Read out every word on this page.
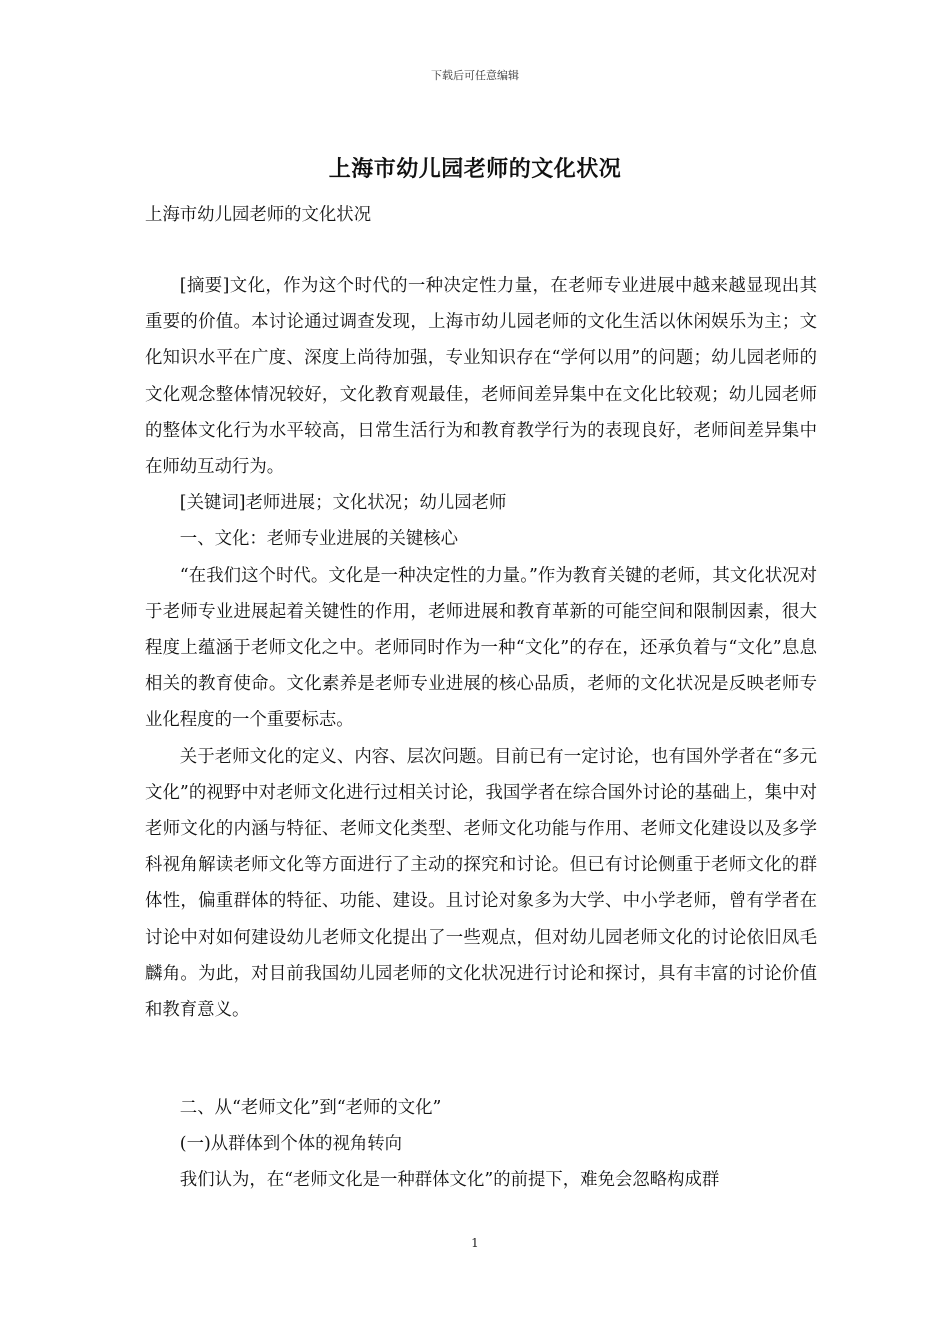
下载后可任意编辑
上海市幼儿园老师的文化状况
上海市幼儿园老师的文化状况

[摘要]文化，作为这个时代的一种决定性力量，在老师专业进展中越来越显现出其重要的价值。本讨论通过调查发现，上海市幼儿园老师的文化生活以休闲娱乐为主；文化知识水平在广度、深度上尚待加强，专业知识存在“学何以用”的问题；幼儿园老师的文化观念整体情况较好，文化教育观最佳，老师间差异集中在文化比较观；幼儿园老师的整体文化行为水平较高，日常生活行为和教育教学行为的表现良好，老师间差异集中在师幼互动行为。

[关键词]老师进展；文化状况；幼儿园老师

一、文化：老师专业进展的关键核心

“在我们这个时代。文化是一种决定性的力量。”作为教育关键的老师，其文化状况对于老师专业进展起着关键性的作用，老师进展和教育革新的可能空间和限制因素，很大程度上蕴涵于老师文化之中。老师同时作为一种“文化”的存在，还承负着与“文化”息息相关的教育使命。文化素养是老师专业进展的核心品质，老师的文化状况是反映老师专业化程度的一个重要标志。

关于老师文化的定义、内容、层次问题。目前已有一定讨论，也有国外学者在“多元文化”的视野中对老师文化进行过相关讨论，我国学者在综合国外讨论的基础上，集中对老师文化的内涵与特征、老师文化类型、老师文化功能与作用、老师文化建设以及多学科视角解读老师文化等方面进行了主动的探究和讨论。但已有讨论侧重于老师文化的群体性，偏重群体的特征、功能、建设。且讨论对象多为大学、中小学老师，曾有学者在讨论中对如何建设幼儿老师文化提出了一些观点，但对幼儿园老师文化的讨论依旧凤毛麟角。为此，对目前我国幼儿园老师的文化状况进行讨论和探讨，具有丰富的讨论价值和教育意义。

二、从“老师文化”到“老师的文化”

(一)从群体到个体的视角转向

我们认为，在“老师文化是一种群体文化”的前提下，难免会忽略构成群

1
